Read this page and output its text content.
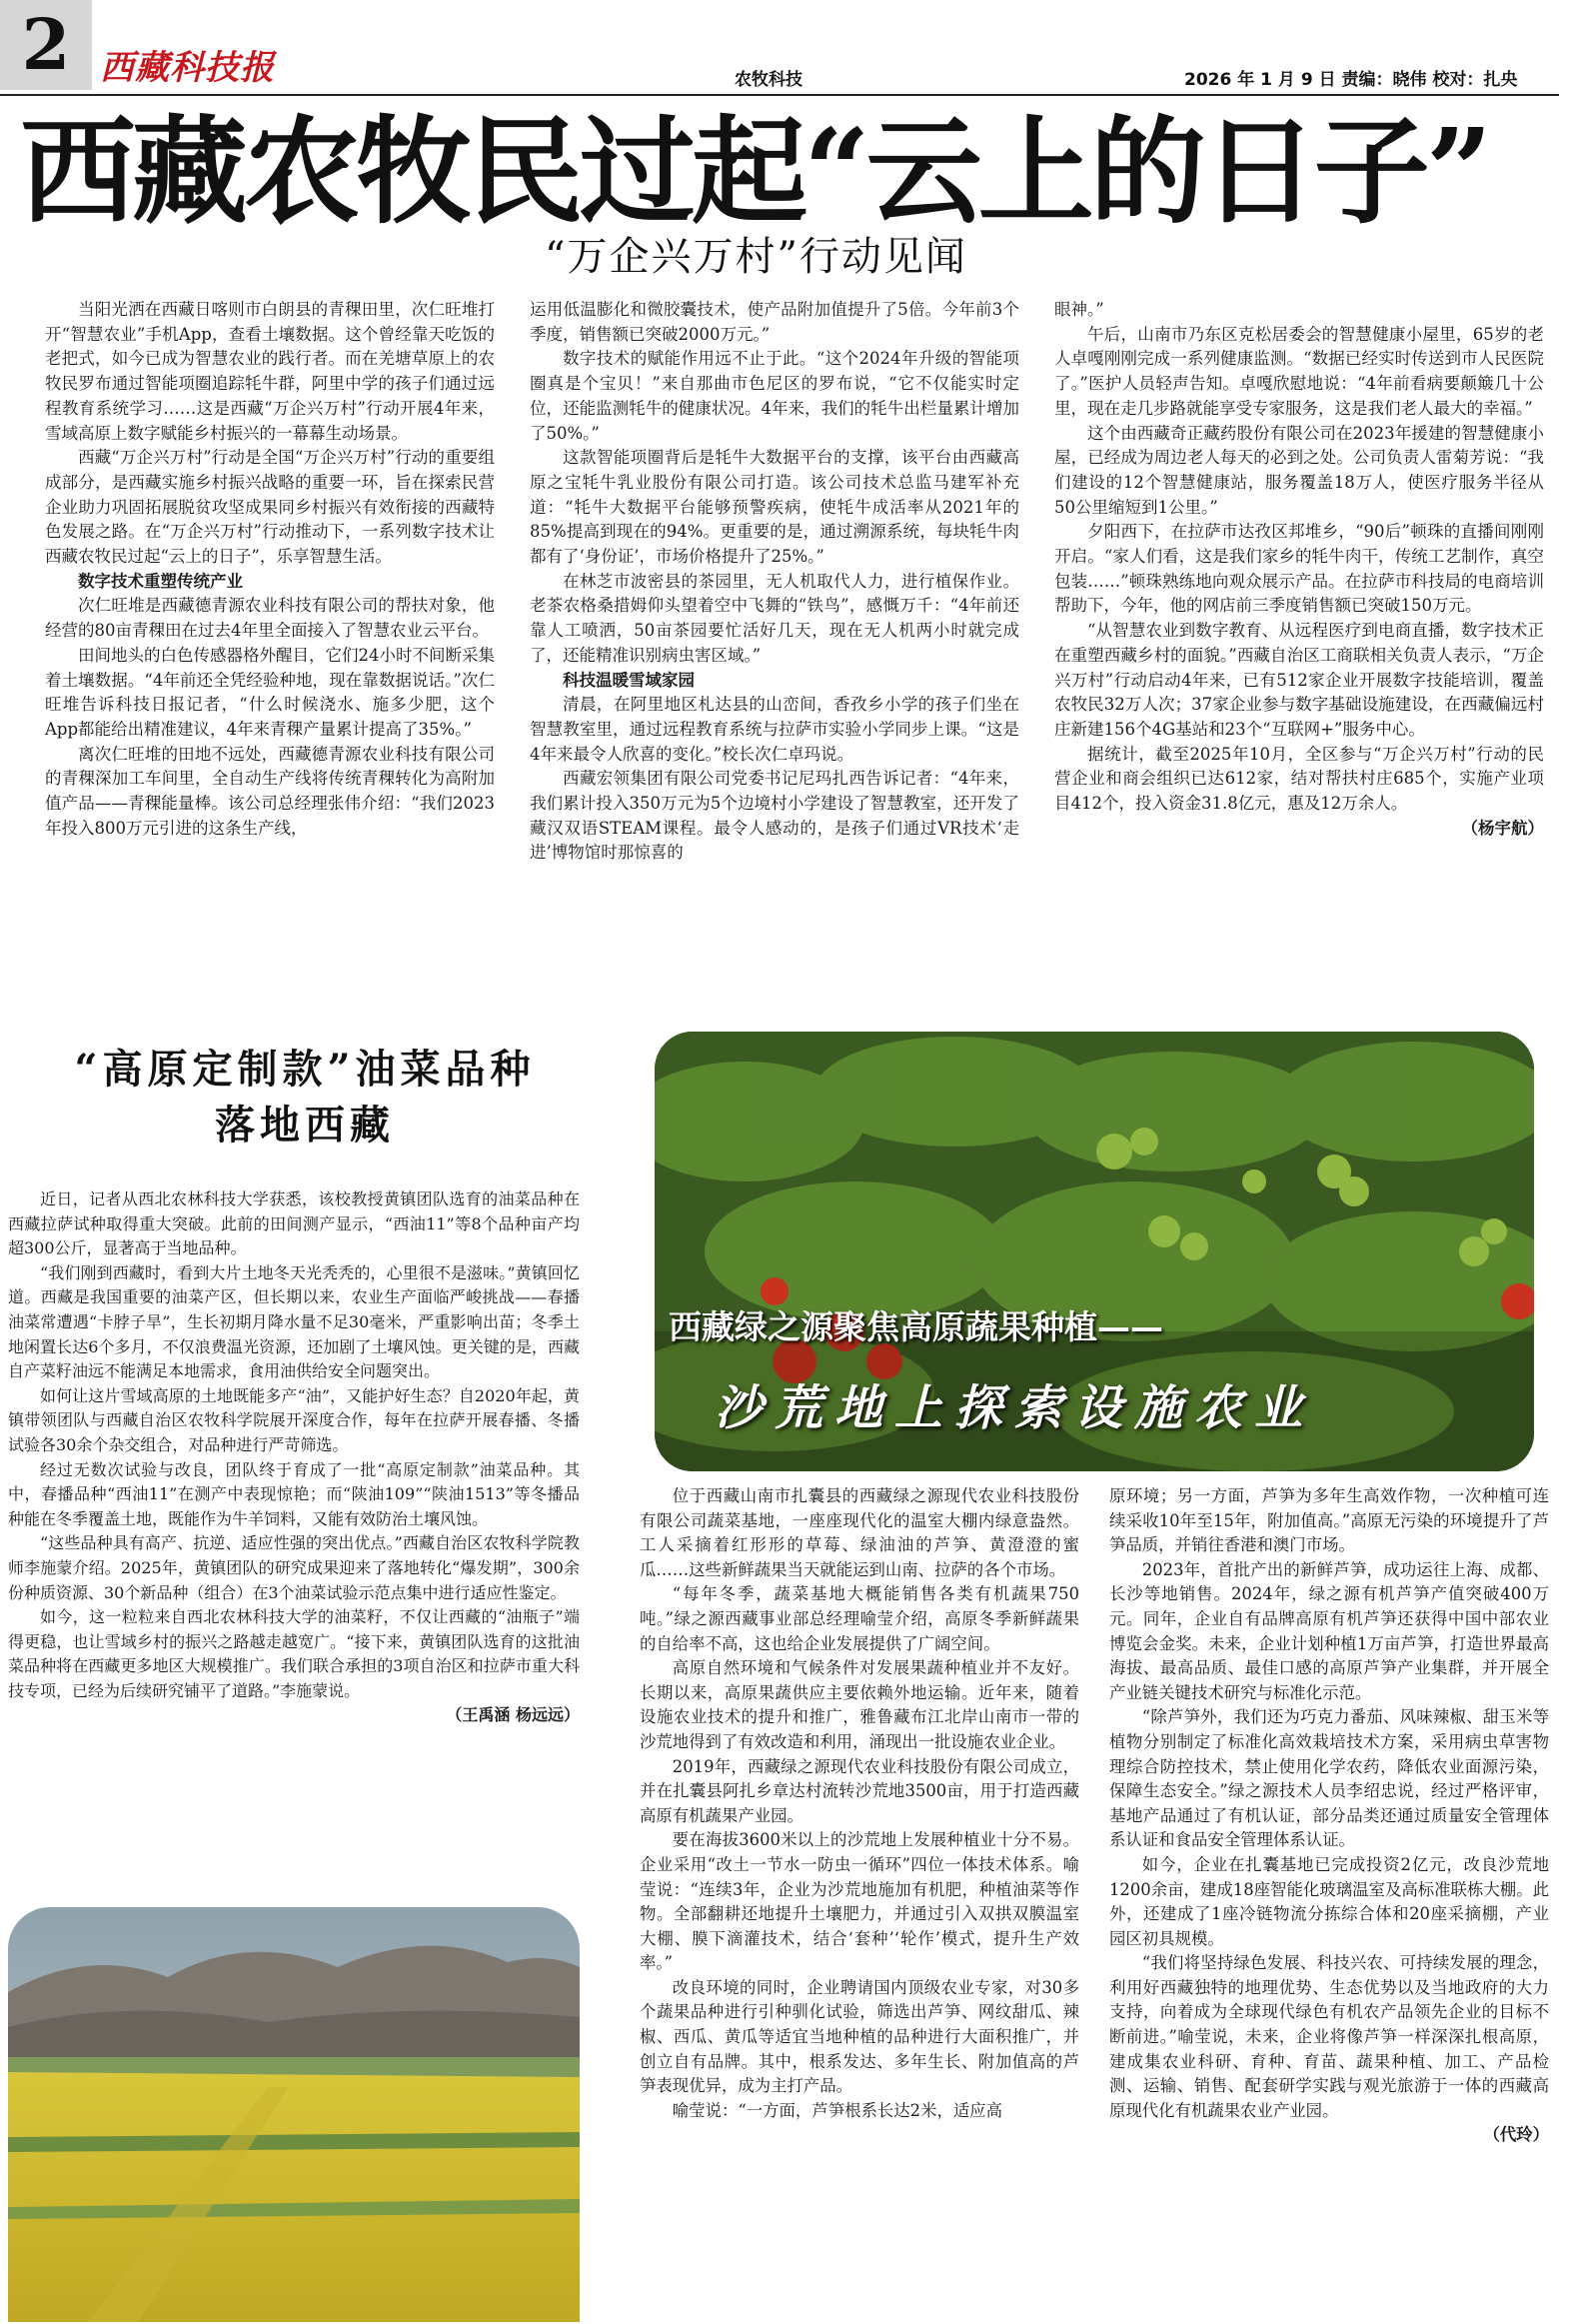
2 西藏科技报	农牧科技	2026 年 1 月 9 日 责编：晓伟 校对：扎央
西藏农牧民过起“云上的日子”
“万企兴万村”行动见闻

当阳光洒在西藏日喀则市白朗县的青稞田里，次仁旺堆打开“智慧农业”手机App，查看土壤数据。这个曾经靠天吃饭的老把式，如今已成为智慧农业的践行者。而在羌塘草原上的农牧民罗布通过智能项圈追踪牦牛群，阿里中学的孩子们通过远程教育系统学习……这是西藏“万企兴万村”行动开展4年来，雪域高原上数字赋能乡村振兴的一幕幕生动场景。

西藏“万企兴万村”行动是全国“万企兴万村”行动的重要组成部分，是西藏实施乡村振兴战略的重要一环，旨在探索民营企业助力巩固拓展脱贫攻坚成果同乡村振兴有效衔接的西藏特色发展之路。在“万企兴万村”行动推动下，一系列数字技术让西藏农牧民过起“云上的日子”，乐享智慧生活。

数字技术重塑传统产业

次仁旺堆是西藏德青源农业科技有限公司的帮扶对象，他经营的80亩青稞田在过去4年里全面接入了智慧农业云平台。

田间地头的白色传感器格外醒目，它们24小时不间断采集着土壤数据。“4年前还全凭经验种地，现在靠数据说话。”次仁旺堆告诉科技日报记者，“什么时候浇水、施多少肥，这个App都能给出精准建议，4年来青稞产量累计提高了35%。”

离次仁旺堆的田地不远处，西藏德青源农业科技有限公司的青稞深加工车间里，全自动生产线将传统青稞转化为高附加值产品——青稞能量棒。该公司总经理张伟介绍：“我们2023年投入800万元引进的这条生产线，

运用低温膨化和微胶囊技术，使产品附加值提升了5倍。今年前3个季度，销售额已突破2000万元。”

数字技术的赋能作用远不止于此。“这个2024年升级的智能项圈真是个宝贝！”来自那曲市色尼区的罗布说，“它不仅能实时定位，还能监测牦牛的健康状况。4年来，我们的牦牛出栏量累计增加了50%。”

这款智能项圈背后是牦牛大数据平台的支撑，该平台由西藏高原之宝牦牛乳业股份有限公司打造。该公司技术总监马建军补充道：“牦牛大数据平台能够预警疾病，使牦牛成活率从2021年的85%提高到现在的94%。更重要的是，通过溯源系统，每块牦牛肉都有了‘身份证’，市场价格提升了25%。”

在林芝市波密县的茶园里，无人机取代人力，进行植保作业。老茶农格桑措姆仰头望着空中飞舞的“铁鸟”，感慨万千：“4年前还靠人工喷洒，50亩茶园要忙活好几天，现在无人机两小时就完成了，还能精准识别病虫害区域。”

科技温暖雪域家园

清晨，在阿里地区札达县的山峦间，香孜乡小学的孩子们坐在智慧教室里，通过远程教育系统与拉萨市实验小学同步上课。“这是4年来最令人欣喜的变化。”校长次仁卓玛说。

西藏宏领集团有限公司党委书记尼玛扎西告诉记者：“4年来，我们累计投入350万元为5个边境村小学建设了智慧教室，还开发了藏汉双语STEAM课程。最令人感动的，是孩子们通过VR技术‘走进’博物馆时那惊喜的

眼神。”

午后，山南市乃东区克松居委会的智慧健康小屋里，65岁的老人卓嘎刚刚完成一系列健康监测。“数据已经实时传送到市人民医院了。”医护人员轻声告知。卓嘎欣慰地说：“4年前看病要颠簸几十公里，现在走几步路就能享受专家服务，这是我们老人最大的幸福。”

这个由西藏奇正藏药股份有限公司在2023年援建的智慧健康小屋，已经成为周边老人每天的必到之处。公司负责人雷菊芳说：“我们建设的12个智慧健康站，服务覆盖18万人，使医疗服务半径从50公里缩短到1公里。”

夕阳西下，在拉萨市达孜区邦堆乡，“90后”顿珠的直播间刚刚开启。“家人们看，这是我们家乡的牦牛肉干，传统工艺制作，真空包装……”顿珠熟练地向观众展示产品。在拉萨市科技局的电商培训帮助下，今年，他的网店前三季度销售额已突破150万元。

“从智慧农业到数字教育、从远程医疗到电商直播，数字技术正在重塑西藏乡村的面貌。”西藏自治区工商联相关负责人表示，“万企兴万村”行动启动4年来，已有512家企业开展数字技能培训，覆盖农牧民32万人次；37家企业参与数字基础设施建设，在西藏偏远村庄新建156个4G基站和23个“互联网+”服务中心。

据统计，截至2025年10月，全区参与“万企兴万村”行动的民营企业和商会组织已达612家，结对帮扶村庄685个，实施产业项目412个，投入资金31.8亿元，惠及12万余人。

（杨宇航）

“高原定制款”油菜品种
落地西藏

近日，记者从西北农林科技大学获悉，该校教授黄镇团队选育的油菜品种在西藏拉萨试种取得重大突破。此前的田间测产显示，“西油11”等8个品种亩产均超300公斤，显著高于当地品种。

“我们刚到西藏时，看到大片土地冬天光秃秃的，心里很不是滋味。”黄镇回忆道。西藏是我国重要的油菜产区，但长期以来，农业生产面临严峻挑战——春播油菜常遭遇“卡脖子旱”，生长初期月降水量不足30毫米，严重影响出苗；冬季土地闲置长达6个多月，不仅浪费温光资源，还加剧了土壤风蚀。更关键的是，西藏自产菜籽油远不能满足本地需求，食用油供给安全问题突出。

如何让这片雪域高原的土地既能多产“油”，又能护好生态？自2020年起，黄镇带领团队与西藏自治区农牧科学院展开深度合作，每年在拉萨开展春播、冬播试验各30余个杂交组合，对品种进行严苛筛选。

经过无数次试验与改良，团队终于育成了一批“高原定制款”油菜品种。其中，春播品种“西油11”在测产中表现惊艳；而“陕油109”“陕油1513”等冬播品种能在冬季覆盖土地，既能作为牛羊饲料，又能有效防治土壤风蚀。

“这些品种具有高产、抗逆、适应性强的突出优点。”西藏自治区农牧科学院教师李施蒙介绍。2025年，黄镇团队的研究成果迎来了落地转化“爆发期”，300余份种质资源、30个新品种（组合）在3个油菜试验示范点集中进行适应性鉴定。

如今，这一粒粒来自西北农林科技大学的油菜籽，不仅让西藏的“油瓶子”端得更稳，也让雪域乡村的振兴之路越走越宽广。“接下来，黄镇团队选育的这批油菜品种将在西藏更多地区大规模推广。我们联合承担的3项自治区和拉萨市重大科技专项，已经为后续研究铺平了道路。”李施蒙说。

（王禹涵 杨远远）

西藏绿之源聚焦高原蔬果种植——
沙荒地上探索设施农业

位于西藏山南市扎囊县的西藏绿之源现代农业科技股份有限公司蔬菜基地，一座座现代化的温室大棚内绿意盎然。工人采摘着红形形的草莓、绿油油的芦笋、黄澄澄的蜜瓜……这些新鲜蔬果当天就能运到山南、拉萨的各个市场。

“每年冬季，蔬菜基地大概能销售各类有机蔬果750吨。”绿之源西藏事业部总经理喻莹介绍，高原冬季新鲜蔬果的自给率不高，这也给企业发展提供了广阔空间。

高原自然环境和气候条件对发展果蔬种植业并不友好。长期以来，高原果蔬供应主要依赖外地运输。近年来，随着设施农业技术的提升和推广，雅鲁藏布江北岸山南市一带的沙荒地得到了有效改造和利用，涌现出一批设施农业企业。

2019年，西藏绿之源现代农业科技股份有限公司成立，并在扎囊县阿扎乡章达村流转沙荒地3500亩，用于打造西藏高原有机蔬果产业园。

要在海拔3600米以上的沙荒地上发展种植业十分不易。企业采用“改土一节水一防虫一循环”四位一体技术体系。喻莹说：“连续3年，企业为沙荒地施加有机肥，种植油菜等作物。全部翻耕还地提升土壤肥力，并通过引入双拱双膜温室大棚、膜下滴灌技术，结合‘套种’‘轮作’模式，提升生产效率。”

改良环境的同时，企业聘请国内顶级农业专家，对30多个蔬果品种进行引种驯化试验，筛选出芦笋、网纹甜瓜、辣椒、西瓜、黄瓜等适宜当地种植的品种进行大面积推广，并创立自有品牌。其中，根系发达、多年生长、附加值高的芦笋表现优异，成为主打产品。

喻莹说：“一方面，芦笋根系长达2米，适应高

原环境；另一方面，芦笋为多年生高效作物，一次种植可连续采收10年至15年，附加值高。”高原无污染的环境提升了芦笋品质，并销往香港和澳门市场。

2023年，首批产出的新鲜芦笋，成功运往上海、成都、长沙等地销售。2024年，绿之源有机芦笋产值突破400万元。同年，企业自有品牌高原有机芦笋还获得中国中部农业博览会金奖。未来，企业计划种植1万亩芦笋，打造世界最高海拔、最高品质、最佳口感的高原芦笋产业集群，并开展全产业链关键技术研究与标准化示范。

“除芦笋外，我们还为巧克力番茄、风味辣椒、甜玉米等植物分别制定了标准化高效栽培技术方案，采用病虫草害物理综合防控技术，禁止使用化学农药，降低农业面源污染，保障生态安全。”绿之源技术人员李绍忠说，经过严格评审，基地产品通过了有机认证，部分品类还通过质量安全管理体系认证和食品安全管理体系认证。

如今，企业在扎囊基地已完成投资2亿元，改良沙荒地1200余亩，建成18座智能化玻璃温室及高标准联栋大棚。此外，还建成了1座冷链物流分拣综合体和20座采摘棚，产业园区初具规模。

“我们将坚持绿色发展、科技兴农、可持续发展的理念，利用好西藏独特的地理优势、生态优势以及当地政府的大力支持，向着成为全球现代绿色有机农产品领先企业的目标不断前进。”喻莹说，未来，企业将像芦笋一样深深扎根高原，建成集农业科研、育种、育苗、蔬果种植、加工、产品检测、运输、销售、配套研学实践与观光旅游于一体的西藏高原现代化有机蔬果农业产业园。

（代玲）
